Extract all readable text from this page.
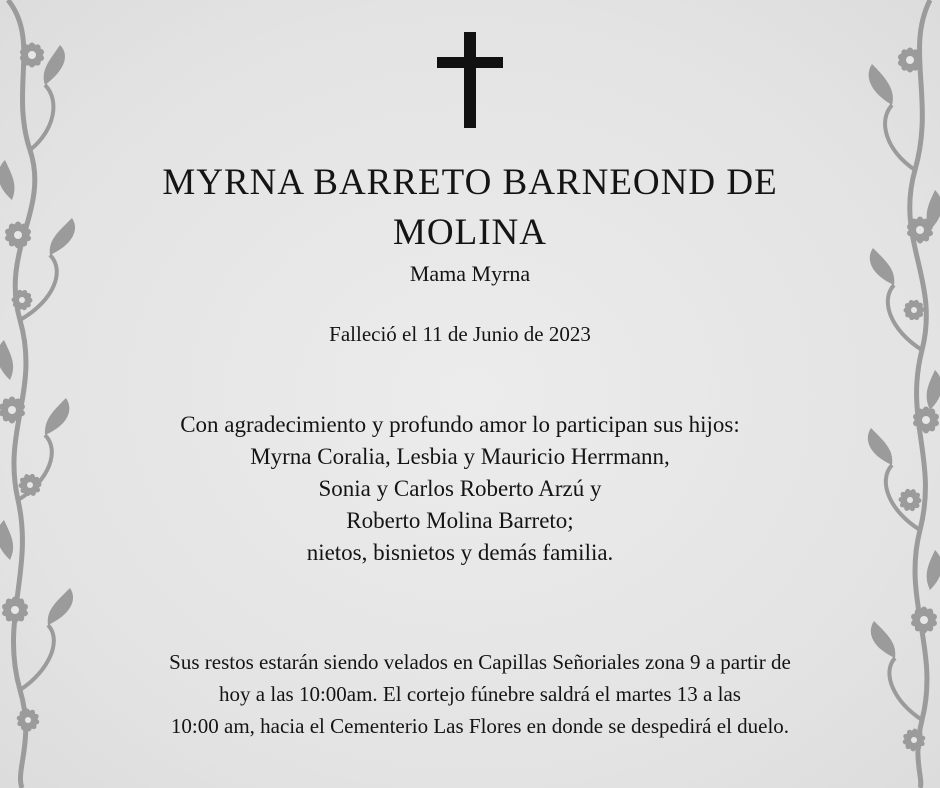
MYRNA BARRETO BARNEOND DE
MOLINA
Mama Myrna
Falleció el 11 de Junio de 2023
Con agradecimiento y profundo amor lo participan sus hijos:
Myrna Coralia, Lesbia y Mauricio Herrmann,
Sonia y Carlos Roberto Arzú y
Roberto Molina Barreto;
nietos, bisnietos y demás familia.
Sus restos estarán siendo velados en Capillas Señoriales zona 9 a partir de
hoy a las 10:00am. El cortejo fúnebre saldrá el martes 13 a las
10:00 am, hacia el Cementerio Las Flores en donde se despedirá el duelo.
